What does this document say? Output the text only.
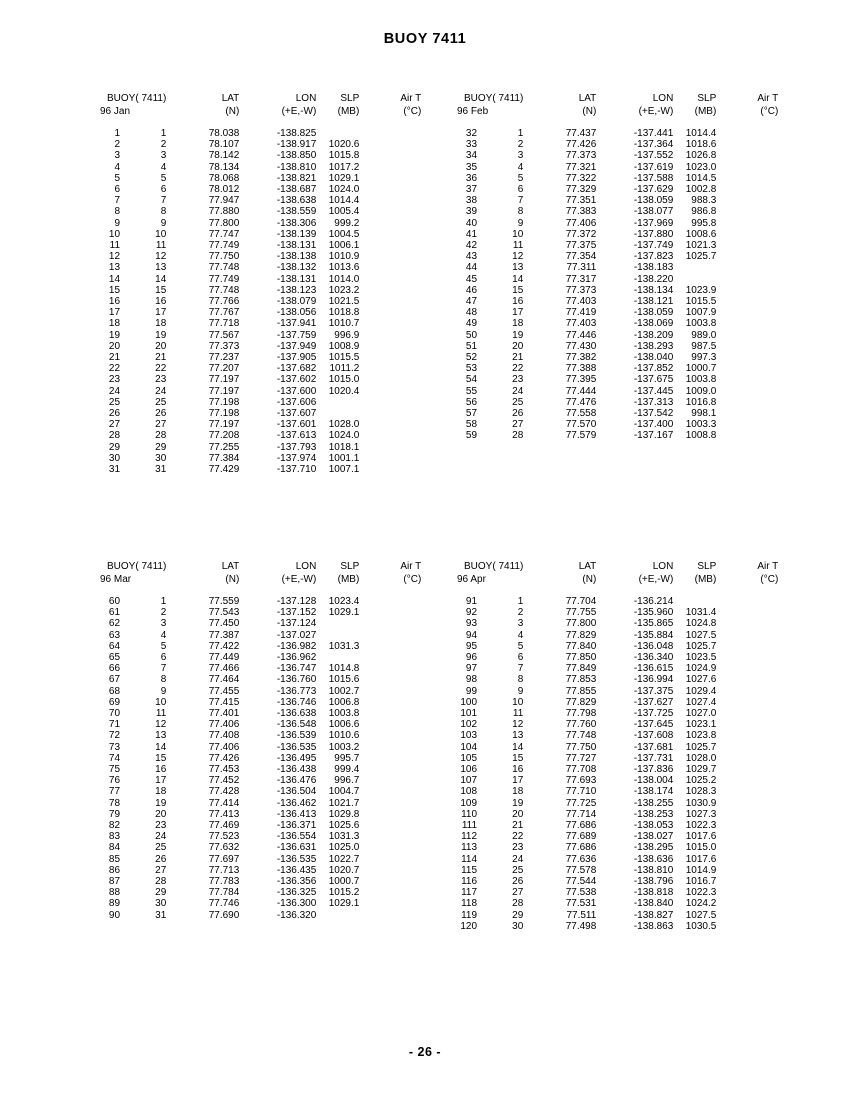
BUOY 7411
BUOY( 7411)		LAT	LON	SLP	Air T
96 Jan		(N)	(+E,-W)	(MB)	(°C)

1	1	78.038	-138.825		
2	2	78.107	-138.917	1020.6	
3	3	78.142	-138.850	1015.8	
4	4	78.134	-138.810	1017.2	
5	5	78.068	-138.821	1029.1	
6	6	78.012	-138.687	1024.0	
7	7	77.947	-138.638	1014.4	
8	8	77.880	-138.559	1005.4	
9	9	77.800	-138.306	999.2	
10	10	77.747	-138.139	1004.5	
11	11	77.749	-138.131	1006.1	
12	12	77.750	-138.138	1010.9	
13	13	77.748	-138.132	1013.6	
14	14	77.749	-138.131	1014.0	
15	15	77.748	-138.123	1023.2	
16	16	77.766	-138.079	1021.5	
17	17	77.767	-138.056	1018.8	
18	18	77.718	-137.941	1010.7	
19	19	77.567	-137.759	996.9	
20	20	77.373	-137.949	1008.9	
21	21	77.237	-137.905	1015.5	
22	22	77.207	-137.682	1011.2	
23	23	77.197	-137.602	1015.0	
24	24	77.197	-137.600	1020.4	
25	25	77.198	-137.606		
26	26	77.198	-137.607		
27	27	77.197	-137.601	1028.0	
28	28	77.208	-137.613	1024.0	
29	29	77.255	-137.793	1018.1	
30	30	77.384	-137.974	1001.1	
31	31	77.429	-137.710	1007.1	
BUOY( 7411)		LAT	LON	SLP	Air T
96 Feb		(N)	(+E,-W)	(MB)	(°C)

32	1	77.437	-137.441	1014.4	
33	2	77.426	-137.364	1018.6	
34	3	77.373	-137.552	1026.8	
35	4	77.321	-137.619	1023.0	
36	5	77.322	-137.588	1014.5	
37	6	77.329	-137.629	1002.8	
38	7	77.351	-138.059	988.3	
39	8	77.383	-138.077	986.8	
40	9	77.406	-137.969	995.8	
41	10	77.372	-137.880	1008.6	
42	11	77.375	-137.749	1021.3	
43	12	77.354	-137.823	1025.7	
44	13	77.311	-138.183		
45	14	77.317	-138.220		
46	15	77.373	-138.134	1023.9	
47	16	77.403	-138.121	1015.5	
48	17	77.419	-138.059	1007.9	
49	18	77.403	-138.069	1003.8	
50	19	77.446	-138.209	989.0	
51	20	77.430	-138.293	987.5	
52	21	77.382	-138.040	997.3	
53	22	77.388	-137.852	1000.7	
54	23	77.395	-137.675	1003.8	
55	24	77.444	-137.445	1009.0	
56	25	77.476	-137.313	1016.8	
57	26	77.558	-137.542	998.1	
58	27	77.570	-137.400	1003.3	
59	28	77.579	-137.167	1008.8	
BUOY( 7411)		LAT	LON	SLP	Air T
96 Mar		(N)	(+E,-W)	(MB)	(°C)

60	1	77.559	-137.128	1023.4	
61	2	77.543	-137.152	1029.1	
62	3	77.450	-137.124		
63	4	77.387	-137.027		
64	5	77.422	-136.982	1031.3	
65	6	77.449	-136.962		
66	7	77.466	-136.747	1014.8	
67	8	77.464	-136.760	1015.6	
68	9	77.455	-136.773	1002.7	
69	10	77.415	-136.746	1006.8	
70	11	77.401	-136.638	1003.8	
71	12	77.406	-136.548	1006.6	
72	13	77.408	-136.539	1010.6	
73	14	77.406	-136.535	1003.2	
74	15	77.426	-136.495	995.7	
75	16	77.453	-136.438	999.4	
76	17	77.452	-136.476	996.7	
77	18	77.428	-136.504	1004.7	
78	19	77.414	-136.462	1021.7	
79	20	77.413	-136.413	1029.8	
82	23	77.469	-136.371	1025.6	
83	24	77.523	-136.554	1031.3	
84	25	77.632	-136.631	1025.0	
85	26	77.697	-136.535	1022.7	
86	27	77.713	-136.435	1020.7	
87	28	77.783	-136.356	1000.7	
88	29	77.784	-136.325	1015.2	
89	30	77.746	-136.300	1029.1	
90	31	77.690	-136.320		
BUOY( 7411)		LAT	LON	SLP	Air T
96 Apr		(N)	(+E,-W)	(MB)	(°C)

91	1	77.704	-136.214		
92	2	77.755	-135.960	1031.4	
93	3	77.800	-135.865	1024.8	
94	4	77.829	-135.884	1027.5	
95	5	77.840	-136.048	1025.7	
96	6	77.850	-136.340	1023.5	
97	7	77.849	-136.615	1024.9	
98	8	77.853	-136.994	1027.6	
99	9	77.855	-137.375	1029.4	
100	10	77.829	-137.627	1027.4	
101	11	77.798	-137.725	1027.0	
102	12	77.760	-137.645	1023.1	
103	13	77.748	-137.608	1023.8	
104	14	77.750	-137.681	1025.7	
105	15	77.727	-137.731	1028.0	
106	16	77.708	-137.836	1029.7	
107	17	77.693	-138.004	1025.2	
108	18	77.710	-138.174	1028.3	
109	19	77.725	-138.255	1030.9	
110	20	77.714	-138.253	1027.3	
111	21	77.686	-138.053	1022.3	
112	22	77.689	-138.027	1017.6	
113	23	77.686	-138.295	1015.0	
114	24	77.636	-138.636	1017.6	
115	25	77.578	-138.810	1014.9	
116	26	77.544	-138.796	1016.7	
117	27	77.538	-138.818	1022.3	
118	28	77.531	-138.840	1024.2	
119	29	77.511	-138.827	1027.5	
120	30	77.498	-138.863	1030.5	
- 26 -
